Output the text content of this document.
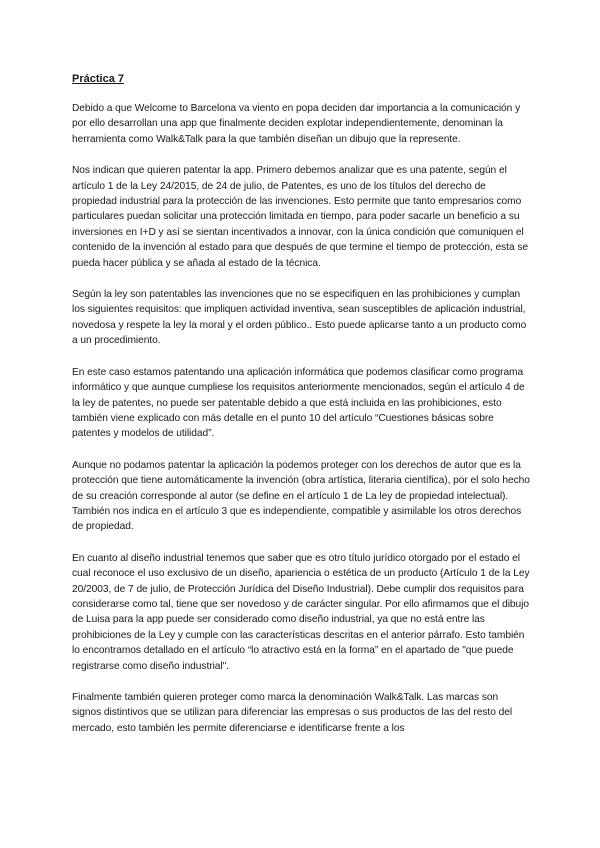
Práctica 7

Debido a que Welcome to Barcelona va viento en popa deciden dar importancia a la comunicación y por ello desarrollan una app que finalmente deciden explotar independientemente, denominan la herramienta como Walk&Talk para la que también diseñan un dibujo que la represente.

Nos indican que quieren patentar la app. Primero debemos analizar que es una patente, según el artículo 1 de la Ley 24/2015, de 24 de julio, de Patentes, es uno de los títulos del derecho de propiedad industrial para la protección de las invenciones. Esto permite que tanto empresarios como particulares puedan solicitar una protección limitada en tiempo, para poder sacarle un beneficio a su inversiones en I+D y así se sientan incentivados a innovar, con la única condición que comuniquen el contenido de la invención al estado para que después de que termine el tiempo de protección, esta se pueda hacer pública y se añada al estado de la técnica.

Según la ley son patentables las invenciones que no se especifiquen en las prohibiciones y cumplan los siguientes requisitos: que impliquen actividad inventiva, sean susceptibles de aplicación industrial, novedosa y respete la ley la moral y el orden público.. Esto puede aplicarse tanto a un producto como a un procedimiento.

En este caso estamos patentando una aplicación informática que podemos clasificar como programa informático y que aunque cumpliese los requisitos anteriormente mencionados, según el artículo 4 de la ley de patentes, no puede ser patentable debido a que está incluida en las prohibiciones, esto también viene explicado con más detalle en el punto 10 del artículo “Cuestiones básicas sobre patentes y modelos de utilidad”.

Aunque no podamos patentar la aplicación la podemos proteger con los derechos de autor que es la protección que tiene automáticamente la invención (obra artística, literaria científica), por el solo hecho de su creación corresponde al autor (se define en el artículo 1 de La ley de propiedad intelectual). También nos indica en el artículo 3 que es independiente, compatible y asimilable los otros derechos de propiedad.

En cuanto al diseño industrial tenemos que saber que es otro título jurídico otorgado por el estado el cual reconoce el uso exclusivo de un diseño, apariencia o estética de un producto (Artículo 1 de la Ley 20/2003, de 7 de julio, de Protección Jurídica del Diseño Industrial). Debe cumplir dos requisitos para considerarse como tal, tiene que ser novedoso y de carácter singular. Por ello afirmamos que el dibujo de Luisa para la app puede ser considerado como diseño industrial, ya que no está entre las prohibiciones de la Ley y cumple con las características descritas en el anterior párrafo. Esto también lo encontramos detallado en el artículo “lo atractivo está en la forma” en el apartado de "que puede registrarse como diseño industrial".

Finalmente también quieren proteger como marca la denominación Walk&Talk. Las marcas son signos distintivos que se utilizan para diferenciar las empresas o sus productos de las del resto del mercado, esto también les permite diferenciarse e identificarse frente a los
